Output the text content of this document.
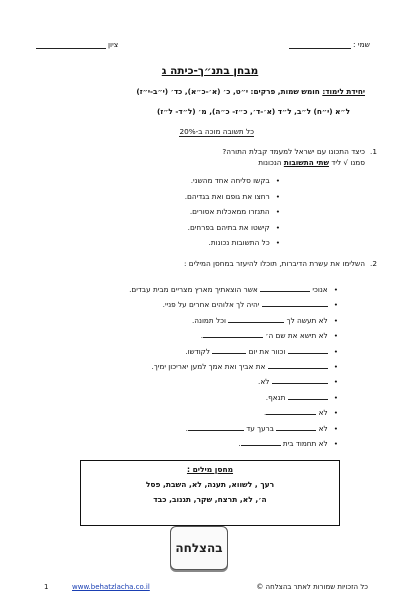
שמי :
ציון
מבחן בתנ״ך-כיתה ג
יחידת לימוד: חומש שמות, פרקים: י״ט, כ׳ (א׳-כ״א), כד׳ (י״ב-י״ז)
ל״א (י״ח) ל״ב, ל״ד (א׳-ד׳, כ״ז- כ״ה), מ׳ (ל״ד- ל״ז)
כל תשובה מוכה ב-20%
1.
כיצד התכונו עם ישראל למעמד קבלת התורה?
סמנו √ ליד שתי התשובות הנכונות
• בקשו סליחה אחד מהשני.
• רחצו את גופם ואת בגדיהם.
• התנזרו ממאכלות אסורים.
• קישטו את בתיהם בפרחים.
• כל התשובות נכונות.
2.
השלימו את עשרת הדיברות, תוכלו להיעזר במחסן המילים :
• אנוכי  אשר הוצאתיך מארץ מצריים מבית עבדים.
• יהיה לך אלוהים אחרים על פניי.
• לא תעשה לך  וכל תמונה.
• לא תישא את שם ה׳ .
• וכוור את יום  לקודשו.
• את אביך ואת אמך למען יאריכון ימיך.
• לא.
• תנאף.
• לא .
• לא  ברעך עד .
• לא תחמוד בית .
מחסן מילים :
רעך , לשווא, תענה, לא, השבת, פסל
ה׳, לא, תרצח, שקר, תגנוב, כבד
בהצלחה
www.behatzlacha.co.il	כל הזכויות שמורות לאתר בהצלחה ©
1
